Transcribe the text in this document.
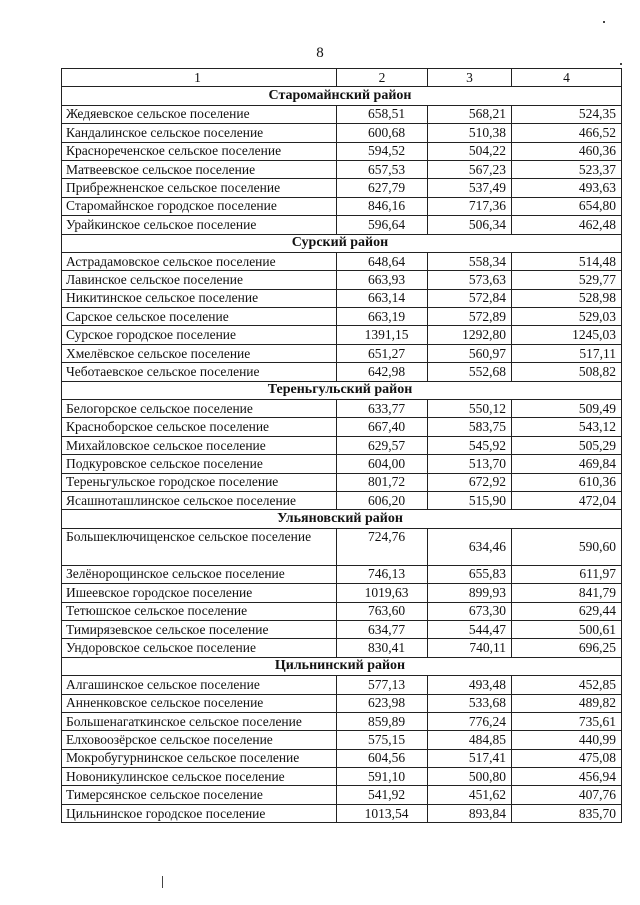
8
1	2	3	4
Старомайнский район			
Жедяевское сельское поселение	658,51	568,21	524,35
Кандалинское сельское поселение	600,68	510,38	466,52
Краснореченское сельское поселение	594,52	504,22	460,36
Матвеевское сельское поселение	657,53	567,23	523,37
Прибрежненское сельское поселение	627,79	537,49	493,63
Старомайнское городское поселение	846,16	717,36	654,80
Урайкинское сельское поселение	596,64	506,34	462,48
Сурский район			
Астрадамовское сельское поселение	648,64	558,34	514,48
Лавинское сельское поселение	663,93	573,63	529,77
Никитинское сельское поселение	663,14	572,84	528,98
Сарское сельское поселение	663,19	572,89	529,03
Сурское городское поселение	1391,15	1292,80	1245,03
Хмелёвское сельское поселение	651,27	560,97	517,11
Чеботаевское сельское поселение	642,98	552,68	508,82
Тереньгульский район			
Белогорское сельское поселение	633,77	550,12	509,49
Красноборское сельское поселение	667,40	583,75	543,12
Михайловское сельское поселение	629,57	545,92	505,29
Подкуровское сельское поселение	604,00	513,70	469,84
Тереньгульское городское поселение	801,72	672,92	610,36
Ясашноташлинское сельское поселение	606,20	515,90	472,04
Ульяновский район			
Большеключищенское сельское поселение	724,76	634,46	590,60
Зелёнорощинское сельское поселение	746,13	655,83	611,97
Ишеевское городское поселение	1019,63	899,93	841,79
Тетюшское сельское поселение	763,60	673,30	629,44
Тимирязевское сельское поселение	634,77	544,47	500,61
Ундоровское сельское поселение	830,41	740,11	696,25
Цильнинский район			
Алгашинское сельское поселение	577,13	493,48	452,85
Анненковское сельское поселение	623,98	533,68	489,82
Большенагаткинское сельское поселение	859,89	776,24	735,61
Елховоозёрское сельское поселение	575,15	484,85	440,99
Мокробугурнинское сельское поселение	604,56	517,41	475,08
Новоникулинское сельское поселение	591,10	500,80	456,94
Тимерсянское сельское поселение	541,92	451,62	407,76
Цильнинское городское поселение	1013,54	893,84	835,70
